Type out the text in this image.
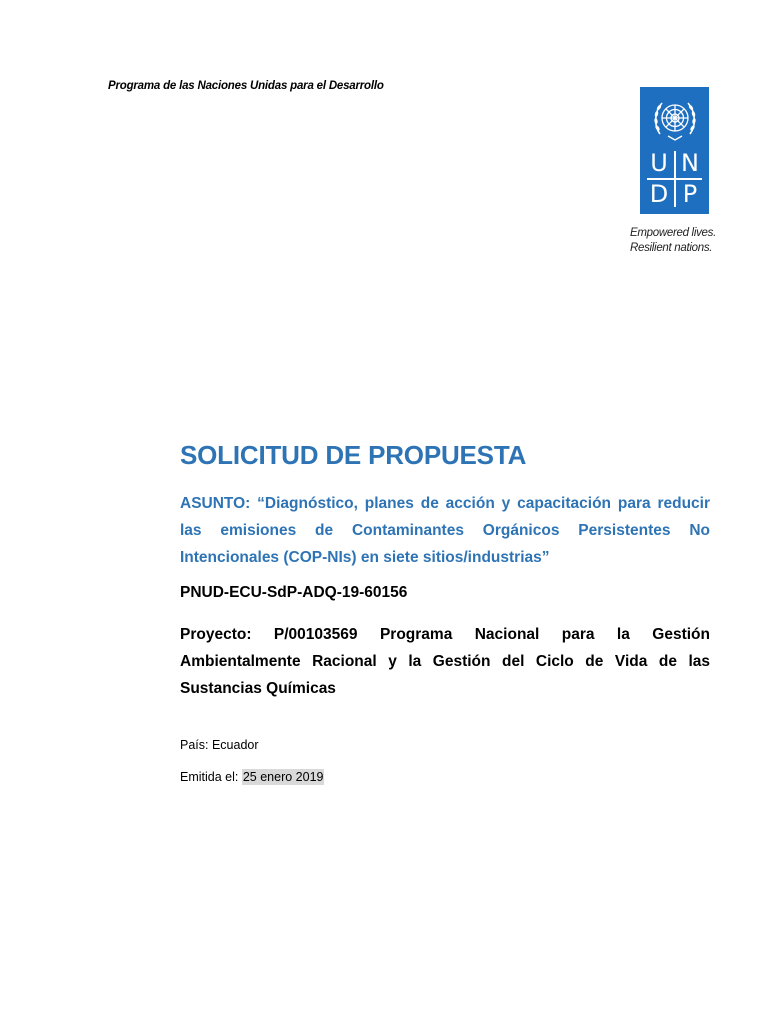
Programa de las Naciones Unidas para el Desarrollo
U N
D P
Empowered lives.
Resilient nations.
SOLICITUD DE PROPUESTA
ASUNTO: “Diagnóstico, planes de acción y capacitación para reducir las emisiones de Contaminantes Orgánicos Persistentes No Intencionales (COP-NIs) en siete sitios/industrias”
PNUD-ECU-SdP-ADQ-19-60156
Proyecto: P/00103569 Programa Nacional para la Gestión Ambientalmente Racional y la Gestión del Ciclo de Vida de las Sustancias Químicas
País: Ecuador
Emitida el: 25 enero 2019
